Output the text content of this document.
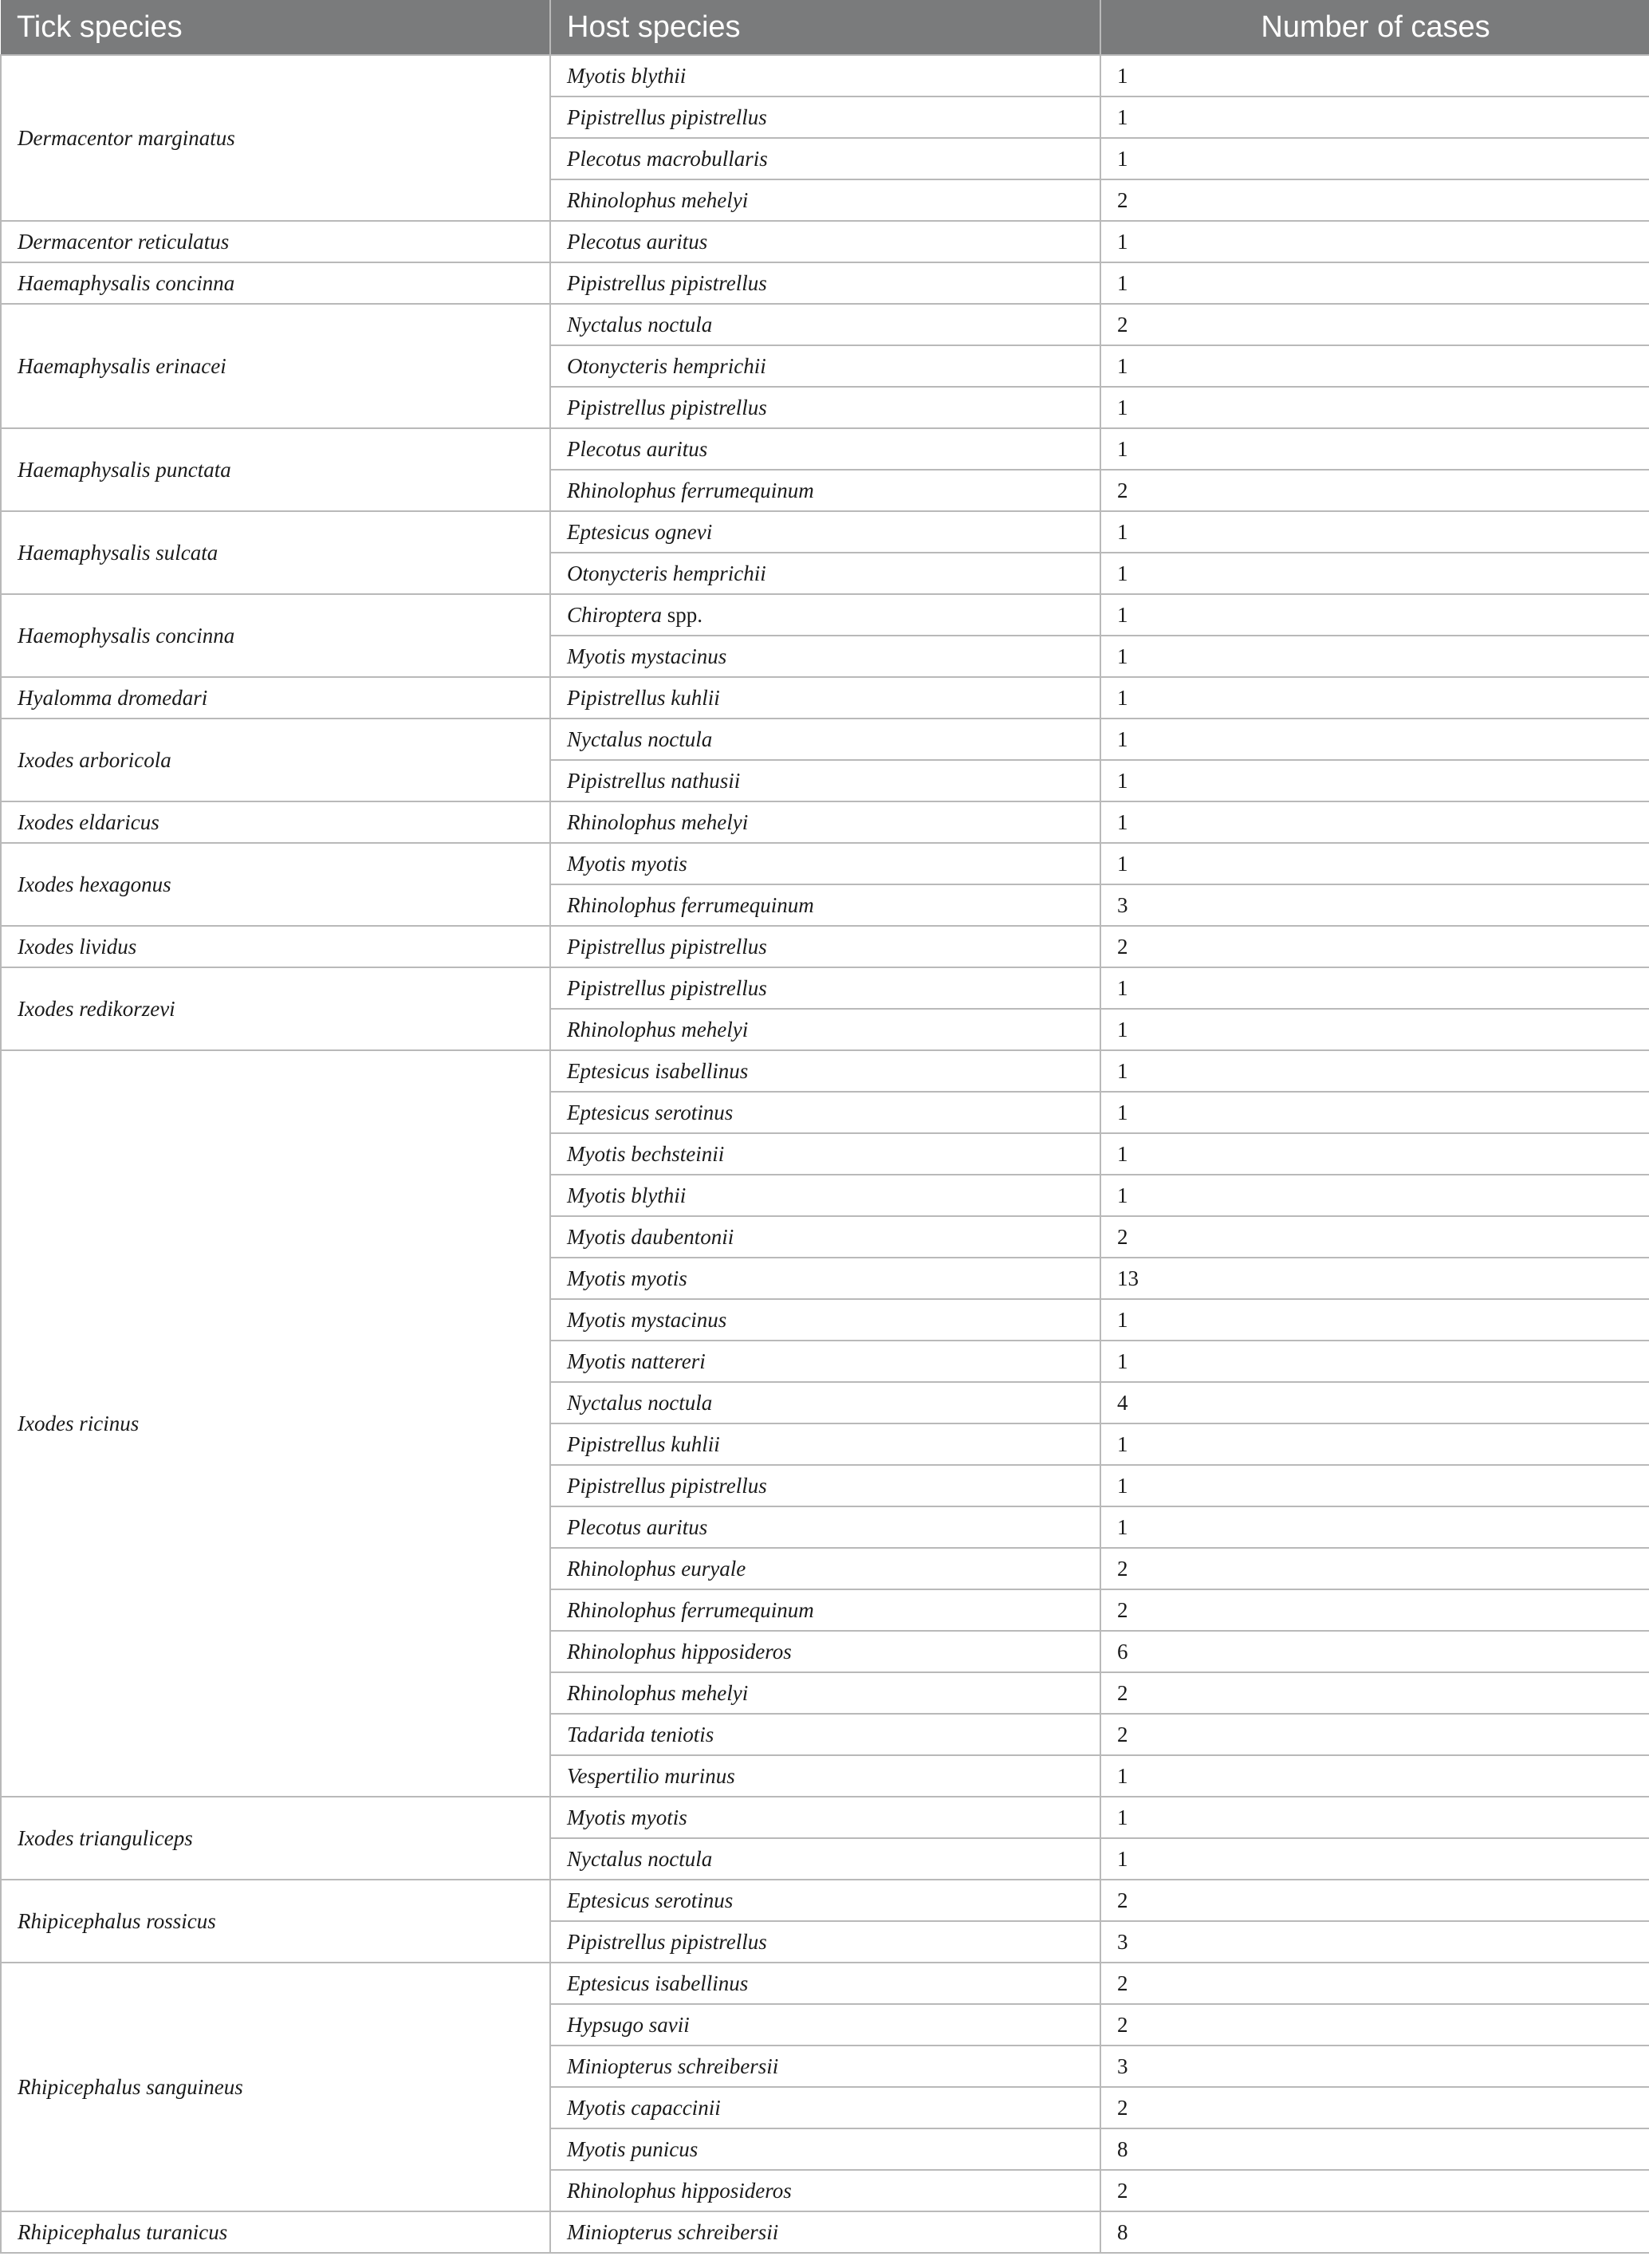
Tick species	Host species	Number of cases
Dermacentor marginatus	Myotis blythii	1
	Pipistrellus pipistrellus	1
	Plecotus macrobullaris	1
	Rhinolophus mehelyi	2
Dermacentor reticulatus	Plecotus auritus	1
Haemaphysalis concinna	Pipistrellus pipistrellus	1
Haemaphysalis erinacei	Nyctalus noctula	2
	Otonycteris hemprichii	1
	Pipistrellus pipistrellus	1
Haemaphysalis punctata	Plecotus auritus	1
	Rhinolophus ferrumequinum	2
Haemaphysalis sulcata	Eptesicus ognevi	1
	Otonycteris hemprichii	1
Haemophysalis concinna	Chiroptera spp.	1
	Myotis mystacinus	1
Hyalomma dromedari	Pipistrellus kuhlii	1
Ixodes arboricola	Nyctalus noctula	1
	Pipistrellus nathusii	1
Ixodes eldaricus	Rhinolophus mehelyi	1
Ixodes hexagonus	Myotis myotis	1
	Rhinolophus ferrumequinum	3
Ixodes lividus	Pipistrellus pipistrellus	2
Ixodes redikorzevi	Pipistrellus pipistrellus	1
	Rhinolophus mehelyi	1
Ixodes ricinus	Eptesicus isabellinus	1
	Eptesicus serotinus	1
	Myotis bechsteinii	1
	Myotis blythii	1
	Myotis daubentonii	2
	Myotis myotis	13
	Myotis mystacinus	1
	Myotis nattereri	1
	Nyctalus noctula	4
	Pipistrellus kuhlii	1
	Pipistrellus pipistrellus	1
	Plecotus auritus	1
	Rhinolophus euryale	2
	Rhinolophus ferrumequinum	2
	Rhinolophus hipposideros	6
	Rhinolophus mehelyi	2
	Tadarida teniotis	2
	Vespertilio murinus	1
Ixodes trianguliceps	Myotis myotis	1
	Nyctalus noctula	1
Rhipicephalus rossicus	Eptesicus serotinus	2
	Pipistrellus pipistrellus	3
Rhipicephalus sanguineus	Eptesicus isabellinus	2
	Hypsugo savii	2
	Miniopterus schreibersii	3
	Myotis capaccinii	2
	Myotis punicus	8
	Rhinolophus hipposideros	2
Rhipicephalus turanicus	Miniopterus schreibersii	8
